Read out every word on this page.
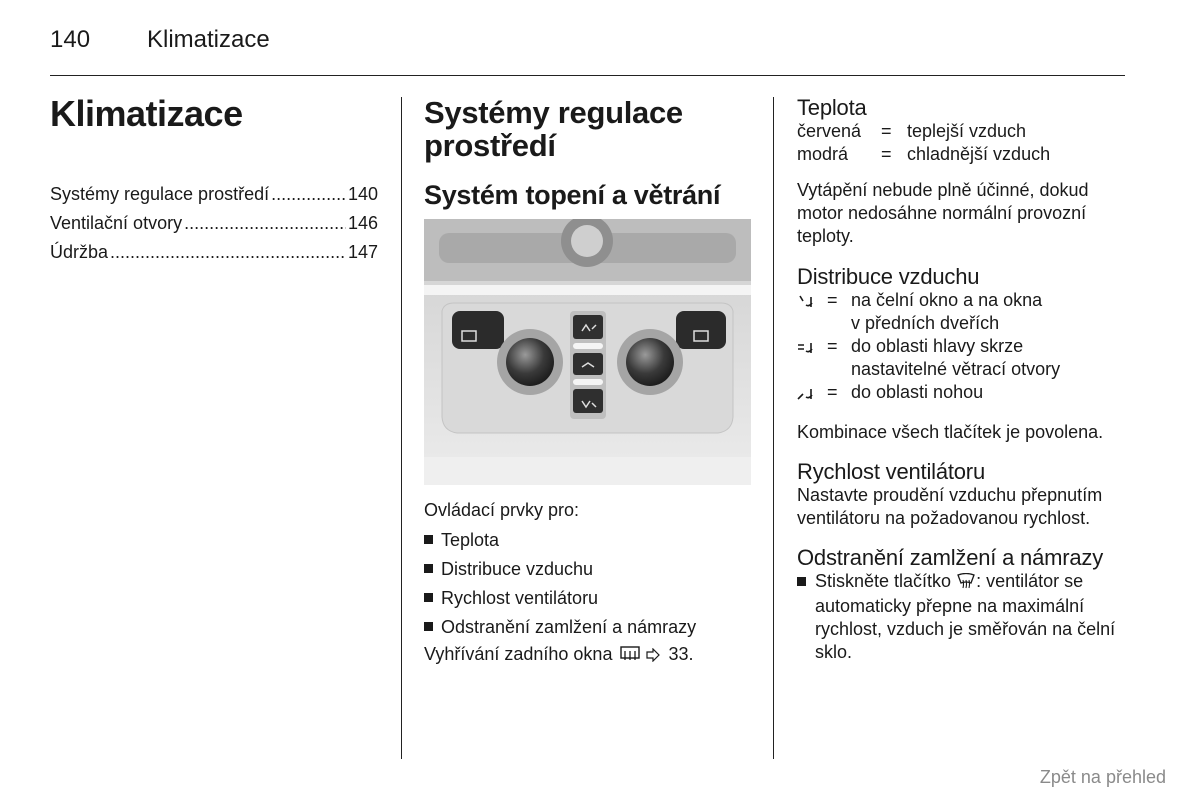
140 Klimatizace
Klimatizace
Systémy regulace prostředí .....	140
Ventilační otvory .....	146
Údržba .....	147
Systémy regulace
prostředí
Systém topení a větrání
Ovládací prvky pro:
Teplota
Distribuce vzduchu
Rychlost ventilátoru
Odstranění zamlžení a námrazy
Vyhřívání zadního okna	33.
Teplota
červená	= teplejší vzduch
modrá	= chladnější vzduch

Vytápění nebude plně účinné, dokud motor nedosáhne normální provozní teploty.

Distribuce vzduchu
= na čelní okno a na okna
v předních dveřích
= do oblasti hlavy skrze
nastavitelné větrací otvory
= do oblasti nohou

Kombinace všech tlačítek je povolena.

Rychlost ventilátoru

Nastavte proudění vzduchu přepnutím ventilátoru na požadovanou rychlost.

Odstranění zamlžení a námrazy
Stiskněte tlačítko : ventilátor se automaticky přepne na maximální rychlost, vzduch je směřován na čelní sklo.
Zpět na přehled
